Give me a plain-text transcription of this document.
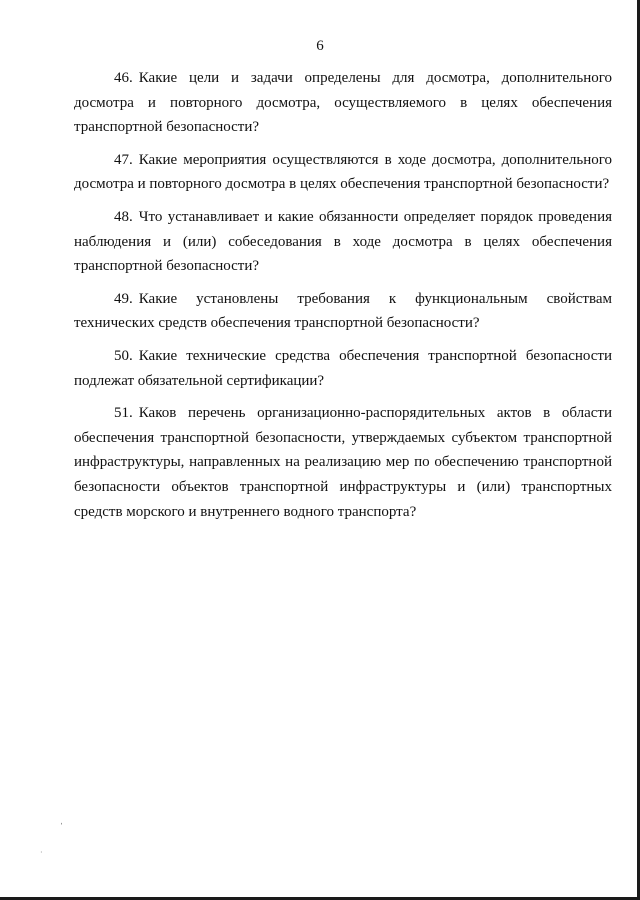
6

46. Какие цели и задачи определены для досмотра, дополнительного досмотра и повторного досмотра, осуществляемого в целях обеспечения транспортной безопасности?

47. Какие мероприятия осуществляются в ходе досмотра, дополнительного досмотра и повторного досмотра в целях обеспечения транспортной безопасности?

48. Что устанавливает и какие обязанности определяет порядок проведения наблюдения и (или) собеседования в ходе досмотра в целях обеспечения транспортной безопасности?

49. Какие установлены требования к функциональным свойствам технических средств обеспечения транспортной безопасности?

50. Какие технические средства обеспечения транспортной безопасности подлежат обязательной сертификации?

51. Каков перечень организационно-распорядительных актов в области обеспечения транспортной безопасности, утверждаемых субъектом транспортной инфраструктуры, направленных на реализацию мер по обеспечению транспортной безопасности объектов транспортной инфраструктуры и (или) транспортных средств морского и внутреннего водного транспорта?

ˈ
·
